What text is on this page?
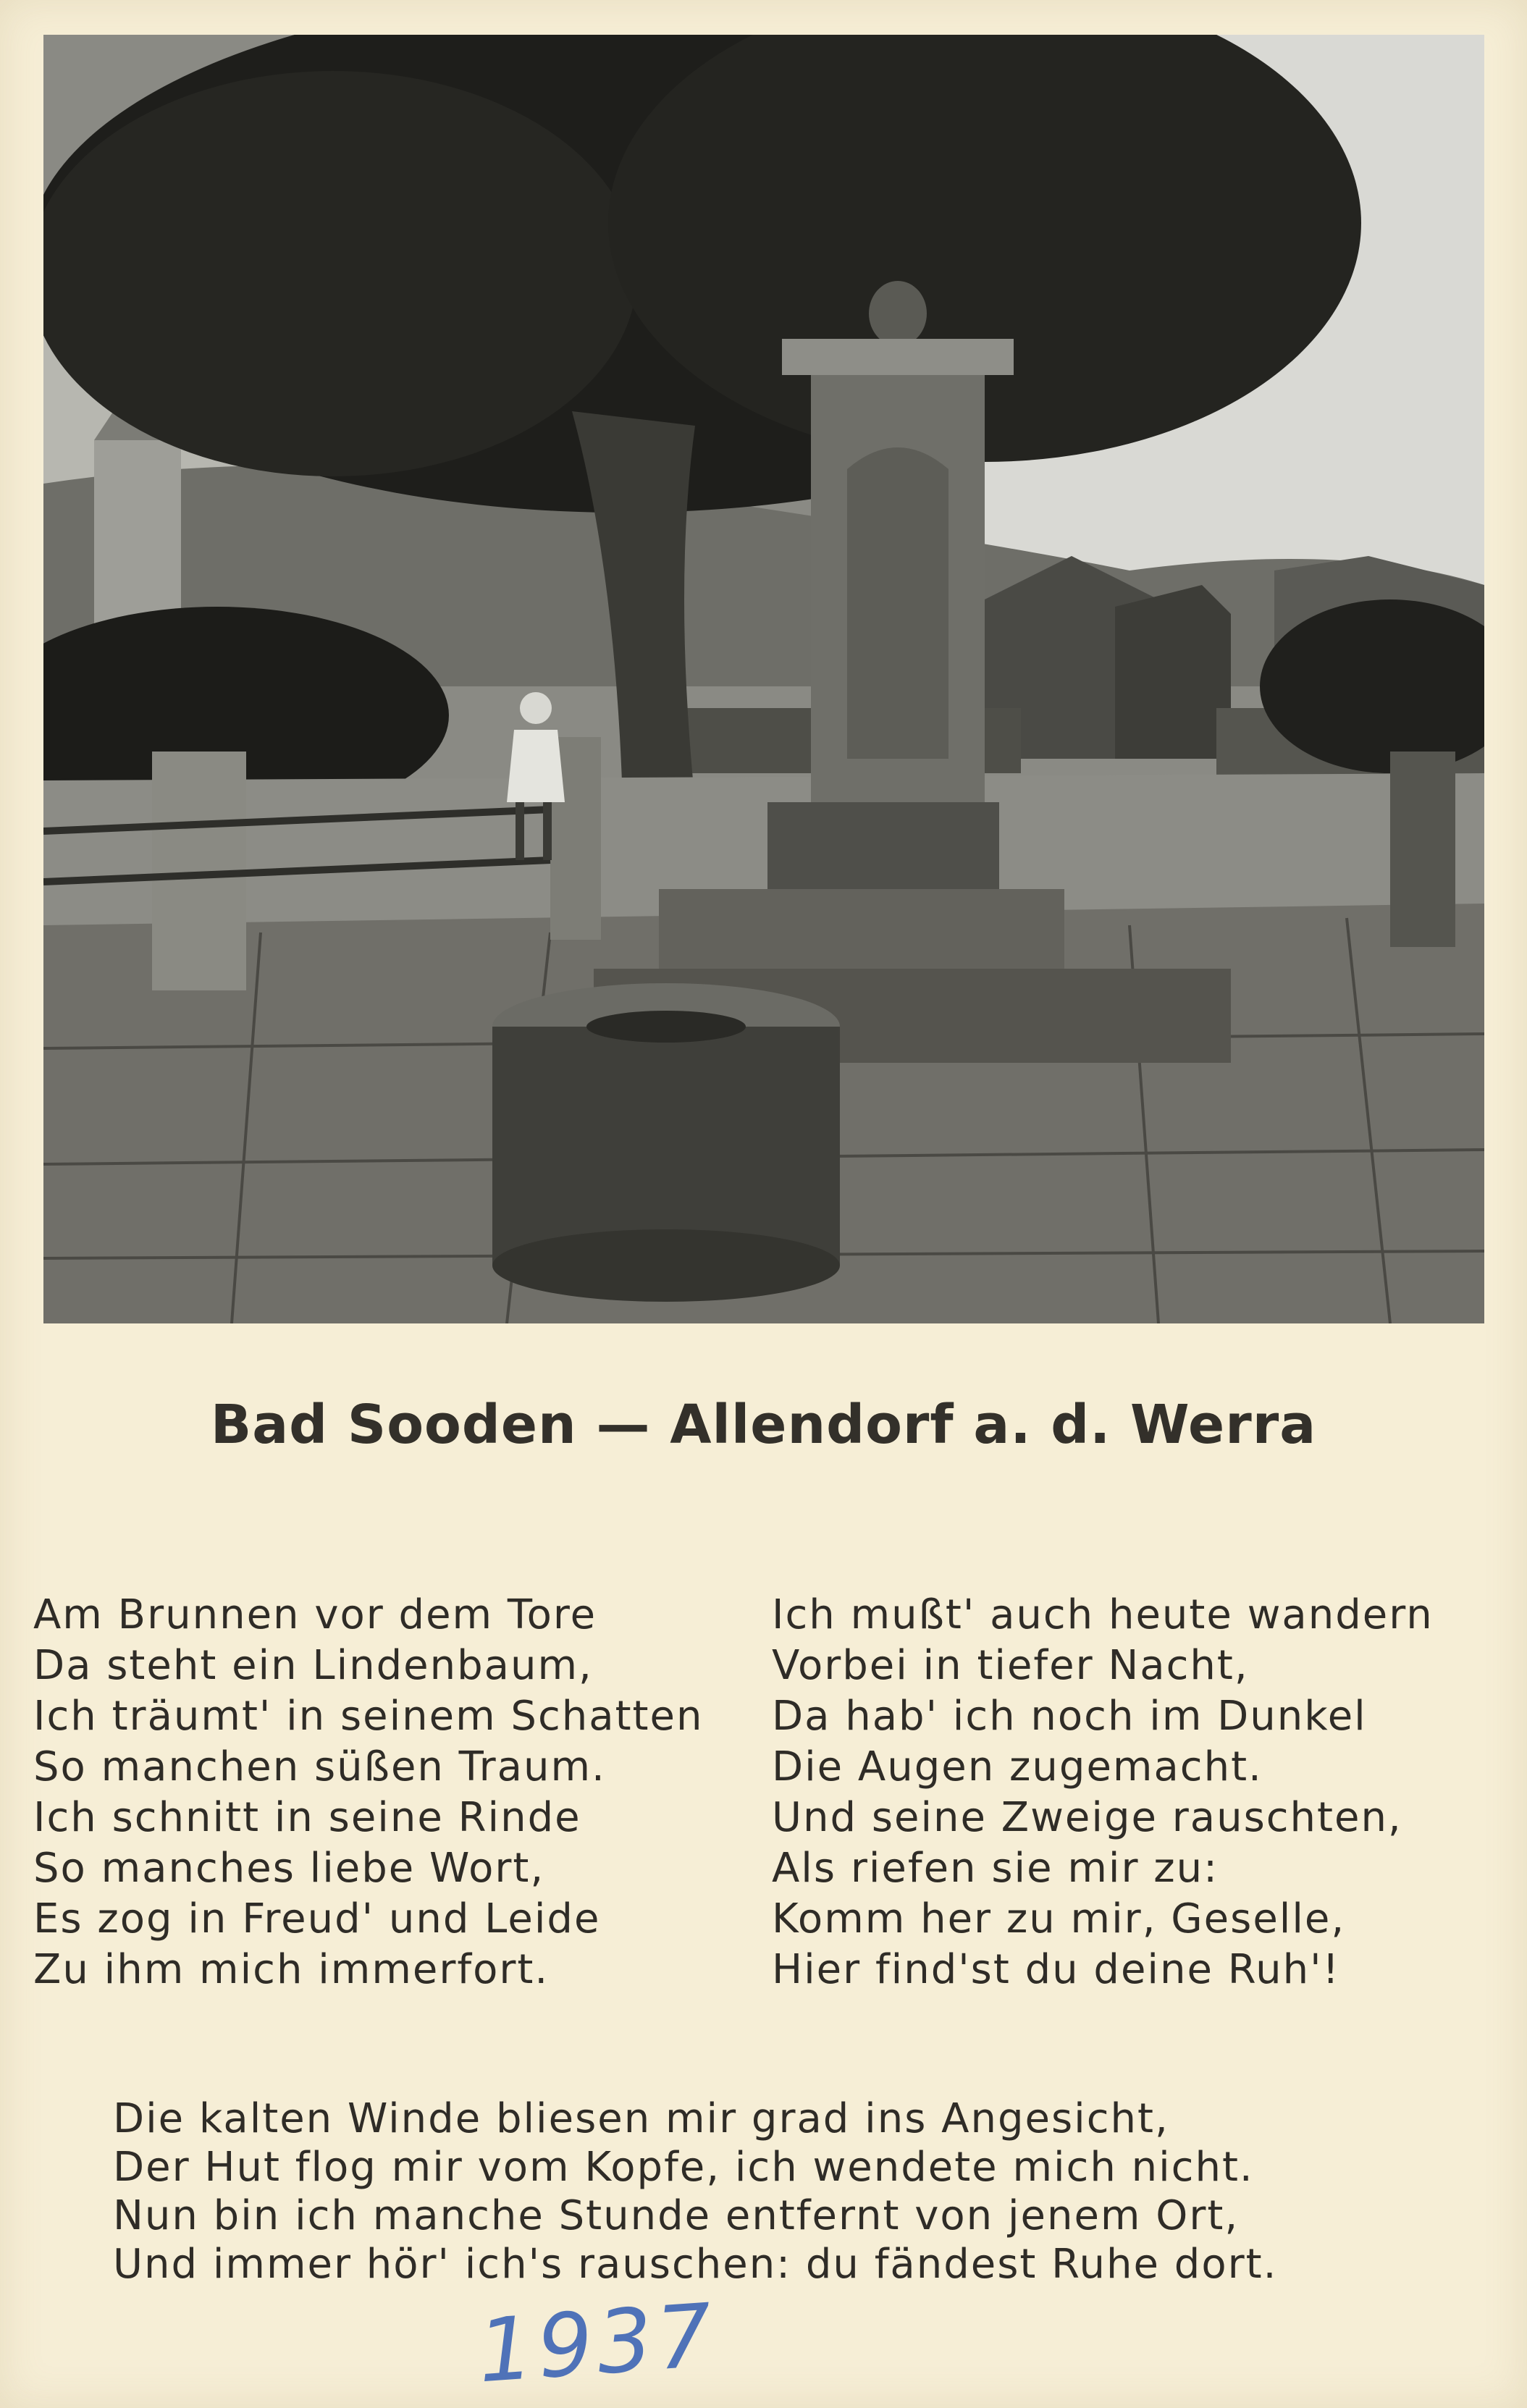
Bad Sooden — Allendorf a. d. Werra
Am Brunnen vor dem Tore
Da steht ein Lindenbaum,
Ich träumt' in seinem Schatten
So manchen süßen Traum.
Ich schnitt in seine Rinde
So manches liebe Wort,
Es zog in Freud' und Leide
Zu ihm mich immerfort.
Ich mußt' auch heute wandern
Vorbei in tiefer Nacht,
Da hab' ich noch im Dunkel
Die Augen zugemacht.
Und seine Zweige rauschten,
Als riefen sie mir zu:
Komm her zu mir, Geselle,
Hier find'st du deine Ruh'!
Die kalten Winde bliesen mir grad ins Angesicht,
Der Hut flog mir vom Kopfe, ich wendete mich nicht.
Nun bin ich manche Stunde entfernt von jenem Ort,
Und immer hör' ich's rauschen: du fändest Ruhe dort.
1937
